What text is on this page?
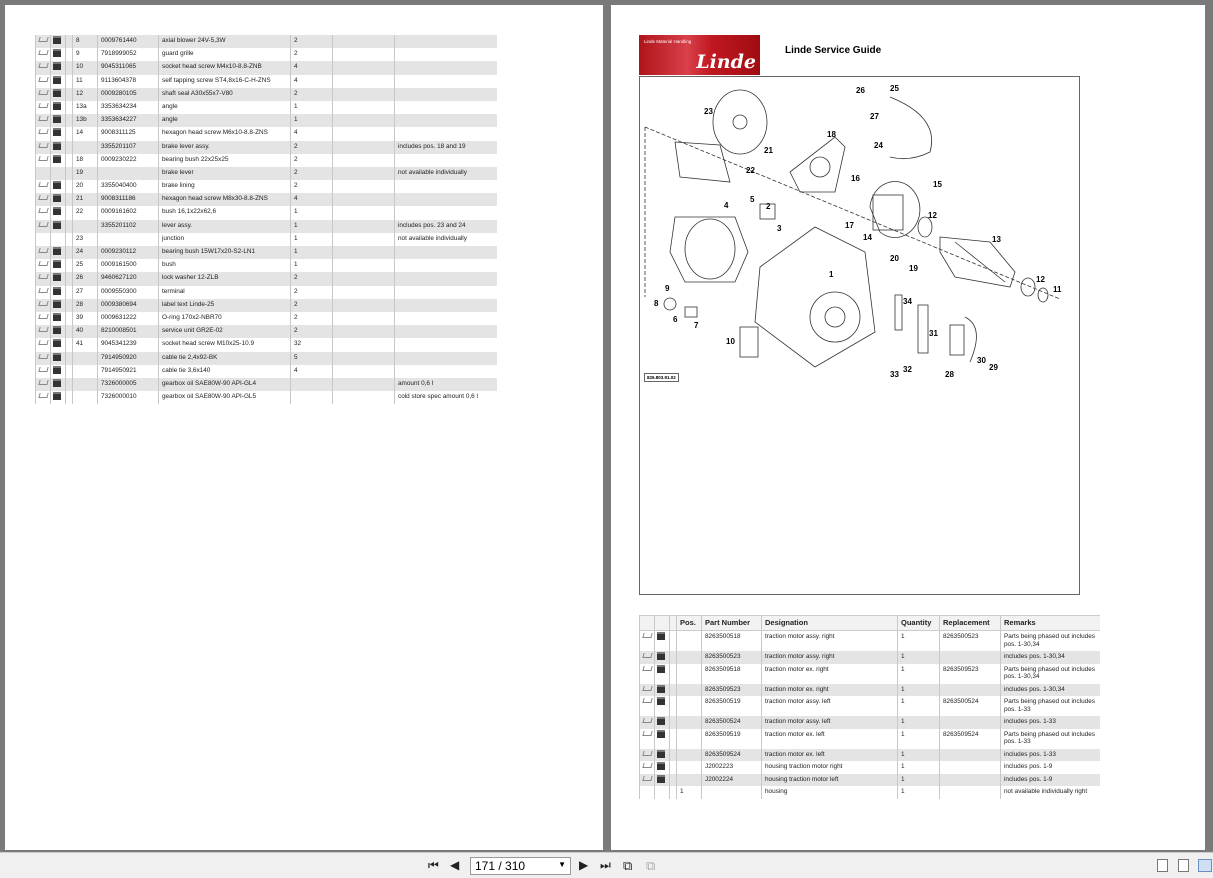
			8	0009761440	axial blower 24V-5,3W	2		
			9	7918999052	guard grille	2		
			10	9045311065	socket head screw M4x10-8.8-ZNB	4		
			11	9113604378	self tapping screw ST4,8x16-C-H-ZNS	4		
			12	0009280105	shaft seal A30x55x7-V80	2		
			13a	3353634234	angle	1		
			13b	3353634227	angle	1		
			14	9008311125	hexagon head screw M6x10-8.8-ZNS	4		
				3355201107	brake lever assy.	2		includes pos. 18 and 19
			18	0009230222	bearing bush 22x25x25	2		
			19		brake lever	2		not available individually
			20	3355040400	brake lining	2		
			21	9008311186	hexagon head screw M8x30-8.8-ZNS	4		
			22	0009161602	bush 16,1x22x62,6	1		
				3355201102	lever assy.	1		includes pos. 23 and 24
			23		junction	1		not available individually
			24	0009230112	bearing bush 15W17x20-S2-LN1	1		
			25	0009161500	bush	1		
			26	9460627120	lock washer 12-ZLB	2		
			27	0009550300	terminal	2		
			28	0009380694	label text Linde-25	2		
			39	0009631222	O-ring 170x2-NBR70	2		
			40	8210008501	service unit GR2E-02	2		
			41	9045341239	socket head screw M10x25-10.9	32		
				7914950920	cable tie 2,4x92-BK	5		
				7914950921	cable tie 3,6x140	4		
				7326000005	gearbox oil SAE80W-90 API-GL4			amount 0,6 l
				7326000010	gearbox oil SAE80W-90 API-GL5			cold store spec amount 0,6 l
Linde Material Handling
Linde
Linde Service Guide
26	25
27
23
18
24
21
22
16
15
5
4	2
12
3	17
14	13
20
19
1
12
11
9
8	34
6
7
31
10
30
29
32
33	28
826.803.91.02
			Pos.	Part Number	Designation	Quantity	Replacement	Remarks
				8263500518	traction motor assy. right	1	8263500523	Parts being phased out includes pos. 1-30,34
				8263500523	traction motor assy. right	1		includes pos. 1-30,34
				8263509518	traction motor ex. right	1	8263509523	Parts being phased out includes pos. 1-30,34
				8263509523	traction motor ex. right	1		includes pos. 1-30,34
				8263500519	traction motor assy. left	1	8263500524	Parts being phased out includes pos. 1-33
				8263500524	traction motor assy. left	1		includes pos. 1-33
				8263509519	traction motor ex. left	1	8263509524	Parts being phased out includes pos. 1-33
				8263509524	traction motor ex. left	1		includes pos. 1-33
				J2002223	housing traction motor right	1		includes pos. 1-9
				J2002224	housing traction motor left	1		includes pos. 1-9
			1		housing	1		not available individually right
⏮ ◀	171 / 310	▼ ▶ ⏭ ⧉ ⧉
